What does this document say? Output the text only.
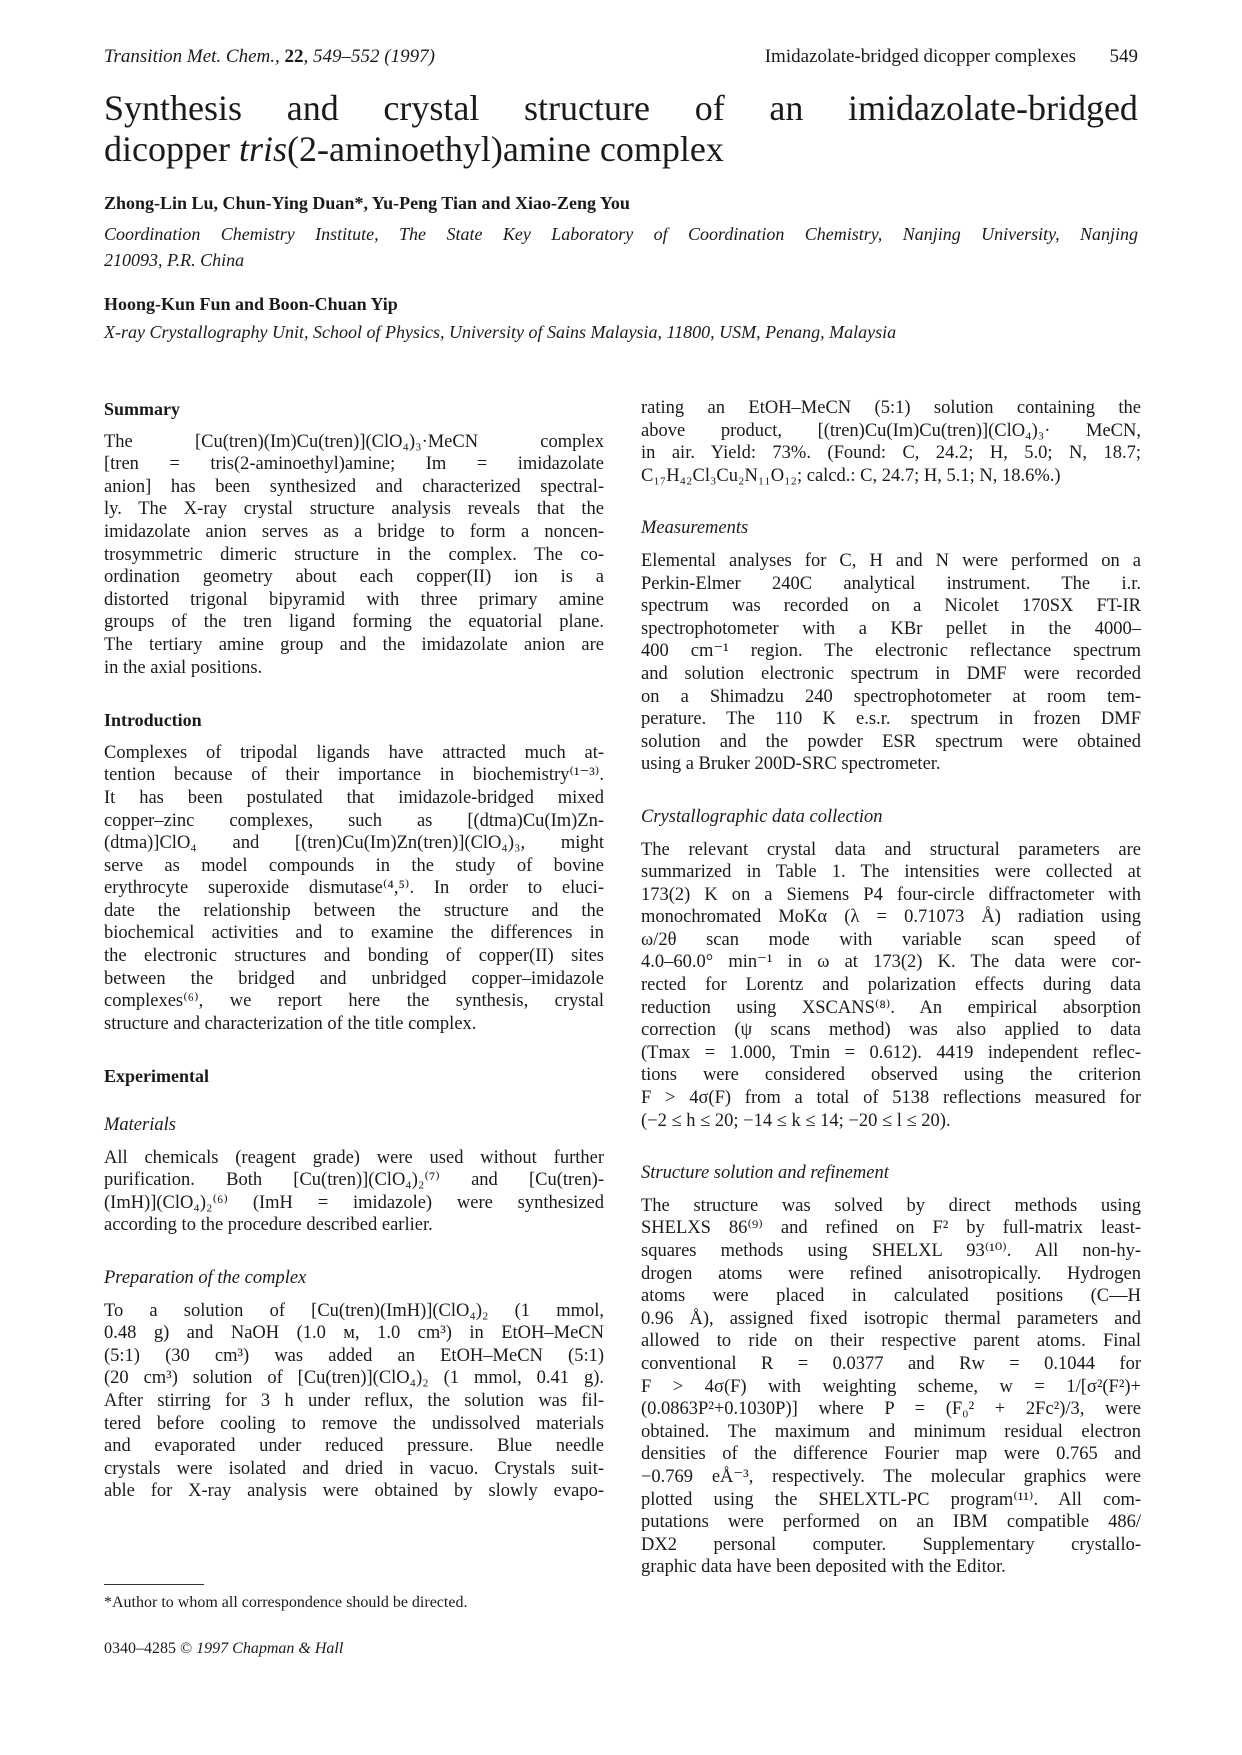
Transition Met. Chem., 22, 549–552 (1997)	Imidazolate-bridged dicopper complexes 549
Synthesis and crystal structure of an imidazolate-bridged
dicopper tris(2-aminoethyl)amine complex
Zhong-Lin Lu, Chun-Ying Duan*, Yu-Peng Tian and Xiao-Zeng You
Coordination Chemistry Institute, The State Key Laboratory of Coordination Chemistry, Nanjing University, Nanjing
210093, P.R. China
Hoong-Kun Fun and Boon-Chuan Yip
X-ray Crystallography Unit, School of Physics, University of Sains Malaysia, 11800, USM, Penang, Malaysia

Summary

The [Cu(tren)(Im)Cu(tren)](ClO₄)₃·MeCN complex
[tren = tris(2-aminoethyl)amine; Im = imidazolate
anion] has been synthesized and characterized spectral-
ly. The X-ray crystal structure analysis reveals that the
imidazolate anion serves as a bridge to form a noncen-
trosymmetric dimeric structure in the complex. The co-
ordination geometry about each copper(II) ion is a
distorted trigonal bipyramid with three primary amine
groups of the tren ligand forming the equatorial plane.
The tertiary amine group and the imidazolate anion are
in the axial positions.

Introduction

Complexes of tripodal ligands have attracted much at-
tention because of their importance in biochemistry⁽¹⁻³⁾.
It has been postulated that imidazole-bridged mixed
copper–zinc complexes, such as [(dtma)Cu(Im)Zn-
(dtma)]ClO₄ and [(tren)Cu(Im)Zn(tren)](ClO₄)₃, might
serve as model compounds in the study of bovine
erythrocyte superoxide dismutase⁽⁴,⁵⁾. In order to eluci-
date the relationship between the structure and the
biochemical activities and to examine the differences in
the electronic structures and bonding of copper(II) sites
between the bridged and unbridged copper–imidazole
complexes⁽⁶⁾, we report here the synthesis, crystal
structure and characterization of the title complex.

Experimental

Materials

All chemicals (reagent grade) were used without further
purification. Both [Cu(tren)](ClO₄)₂⁽⁷⁾ and [Cu(tren)-
(ImH)](ClO₄)₂⁽⁶⁾ (ImH = imidazole) were synthesized
according to the procedure described earlier.

Preparation of the complex

To a solution of [Cu(tren)(ImH)](ClO₄)₂ (1 mmol,
0.48 g) and NaOH (1.0 ᴍ, 1.0 cm³) in EtOH–MeCN
(5:1) (30 cm³) was added an EtOH–MeCN (5:1)
(20 cm³) solution of [Cu(tren)](ClO₄)₂ (1 mmol, 0.41 g).
After stirring for 3 h under reflux, the solution was fil-
tered before cooling to remove the undissolved materials
and evaporated under reduced pressure. Blue needle
crystals were isolated and dried in vacuo. Crystals suit-
able for X-ray analysis were obtained by slowly evapo-

rating an EtOH–MeCN (5:1) solution containing the
above product, [(tren)Cu(Im)Cu(tren)](ClO₄)₃· MeCN,
in air. Yield: 73%. (Found: C, 24.2; H, 5.0; N, 18.7;
C₁₇H₄₂Cl₃Cu₂N₁₁O₁₂; calcd.: C, 24.7; H, 5.1; N, 18.6%.)

Measurements

Elemental analyses for C, H and N were performed on a
Perkin-Elmer 240C analytical instrument. The i.r.
spectrum was recorded on a Nicolet 170SX FT-IR
spectrophotometer with a KBr pellet in the 4000–
400 cm⁻¹ region. The electronic reflectance spectrum
and solution electronic spectrum in DMF were recorded
on a Shimadzu 240 spectrophotometer at room tem-
perature. The 110 K e.s.r. spectrum in frozen DMF
solution and the powder ESR spectrum were obtained
using a Bruker 200D-SRC spectrometer.

Crystallographic data collection

The relevant crystal data and structural parameters are
summarized in Table 1. The intensities were collected at
173(2) K on a Siemens P4 four-circle diffractometer with
monochromated MoKα (λ = 0.71073 Å) radiation using
ω/2θ scan mode with variable scan speed of
4.0–60.0° min⁻¹ in ω at 173(2) K. The data were cor-
rected for Lorentz and polarization effects during data
reduction using XSCANS⁽⁸⁾. An empirical absorption
correction (ψ scans method) was also applied to data
(Tmax = 1.000, Tmin = 0.612). 4419 independent reflec-
tions were considered observed using the criterion
F > 4σ(F) from a total of 5138 reflections measured for
(−2 ≤ h ≤ 20; −14 ≤ k ≤ 14; −20 ≤ l ≤ 20).

Structure solution and refinement

The structure was solved by direct methods using
SHELXS 86⁽⁹⁾ and refined on F² by full-matrix least-
squares methods using SHELXL 93⁽¹⁰⁾. All non-hy-
drogen atoms were refined anisotropically. Hydrogen
atoms were placed in calculated positions (C—H
0.96 Å), assigned fixed isotropic thermal parameters and
allowed to ride on their respective parent atoms. Final
conventional R = 0.0377 and Rw = 0.1044 for
F > 4σ(F) with weighting scheme, w = 1/[σ²(F²)+
(0.0863P²+0.1030P)] where P = (F₀² + 2Fc²)/3, were
obtained. The maximum and minimum residual electron
densities of the difference Fourier map were 0.765 and
−0.769 eÅ⁻³, respectively. The molecular graphics were
plotted using the SHELXTL-PC program⁽¹¹⁾. All com-
putations were performed on an IBM compatible 486/
DX2 personal computer. Supplementary crystallo-
graphic data have been deposited with the Editor.

*Author to whom all correspondence should be directed.
0340–4285 © 1997 Chapman & Hall
